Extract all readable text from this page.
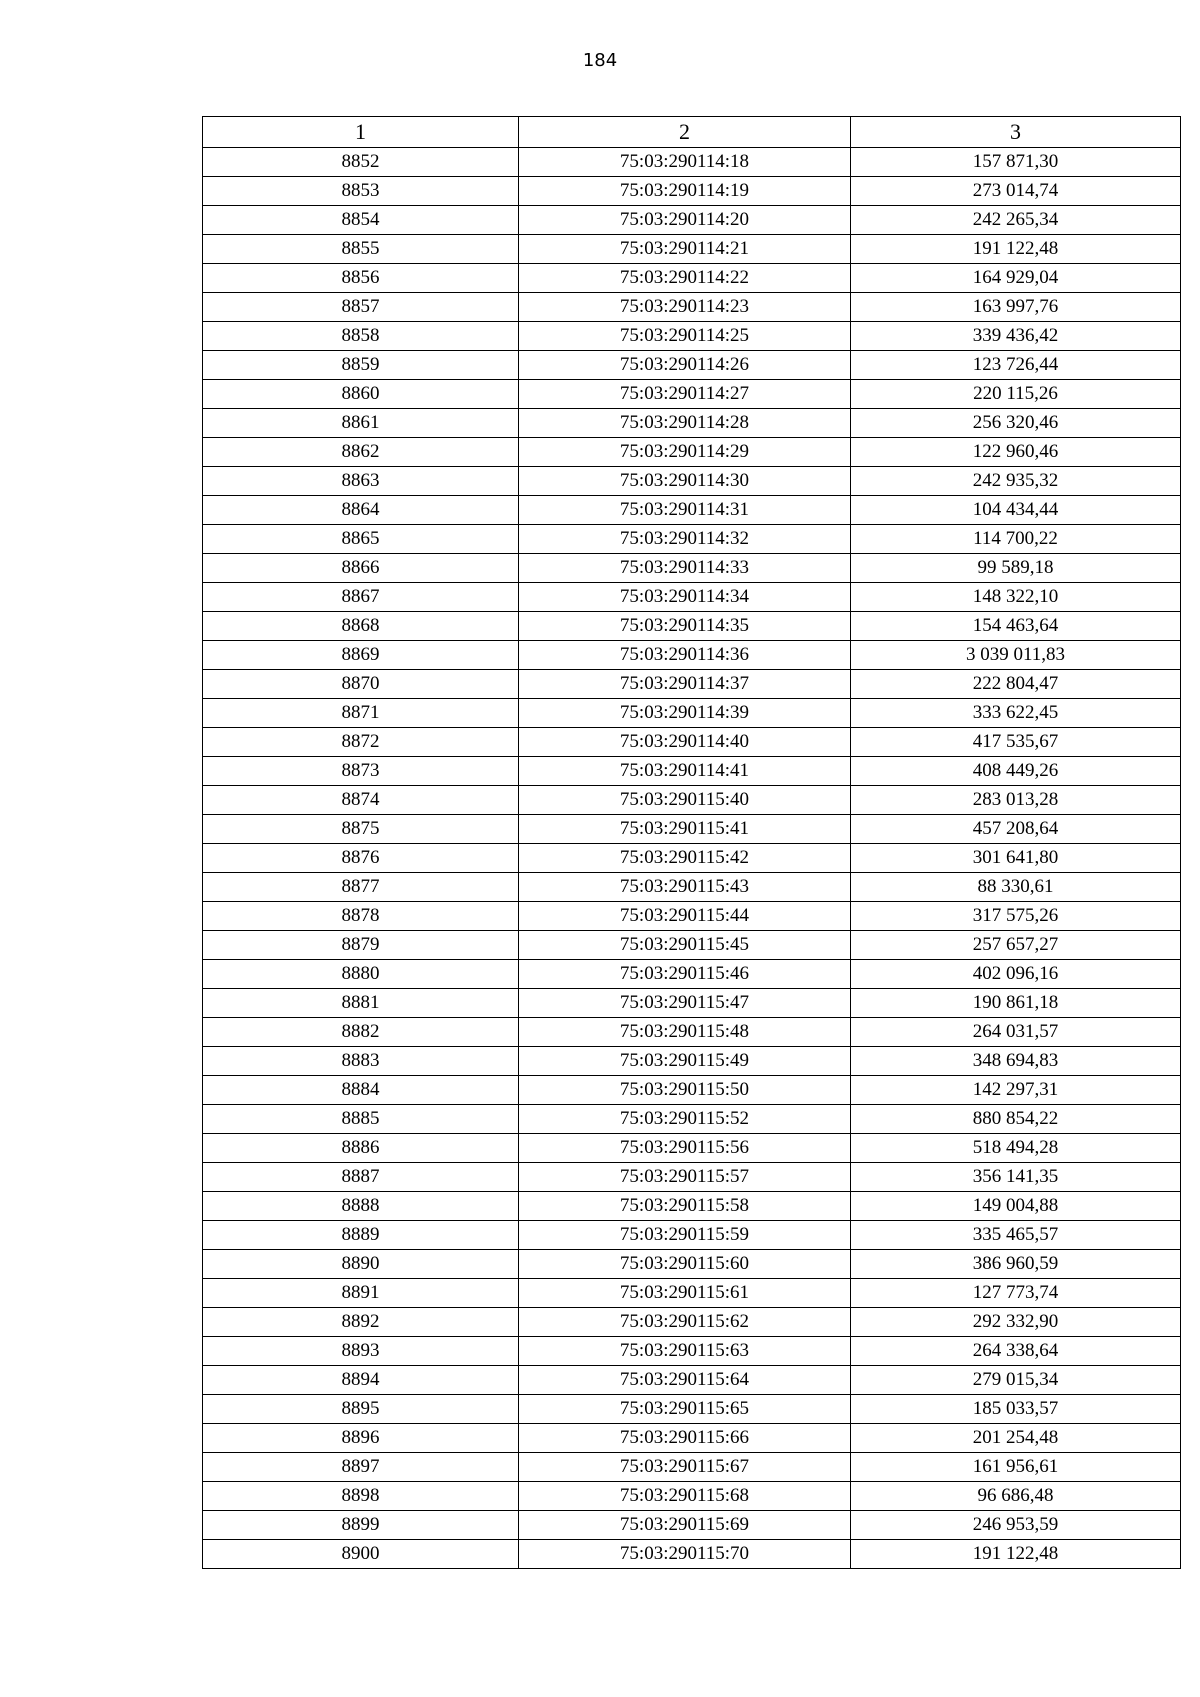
184
1	2	3
8852	75:03:290114:18	157 871,30
8853	75:03:290114:19	273 014,74
8854	75:03:290114:20	242 265,34
8855	75:03:290114:21	191 122,48
8856	75:03:290114:22	164 929,04
8857	75:03:290114:23	163 997,76
8858	75:03:290114:25	339 436,42
8859	75:03:290114:26	123 726,44
8860	75:03:290114:27	220 115,26
8861	75:03:290114:28	256 320,46
8862	75:03:290114:29	122 960,46
8863	75:03:290114:30	242 935,32
8864	75:03:290114:31	104 434,44
8865	75:03:290114:32	114 700,22
8866	75:03:290114:33	99 589,18
8867	75:03:290114:34	148 322,10
8868	75:03:290114:35	154 463,64
8869	75:03:290114:36	3 039 011,83
8870	75:03:290114:37	222 804,47
8871	75:03:290114:39	333 622,45
8872	75:03:290114:40	417 535,67
8873	75:03:290114:41	408 449,26
8874	75:03:290115:40	283 013,28
8875	75:03:290115:41	457 208,64
8876	75:03:290115:42	301 641,80
8877	75:03:290115:43	88 330,61
8878	75:03:290115:44	317 575,26
8879	75:03:290115:45	257 657,27
8880	75:03:290115:46	402 096,16
8881	75:03:290115:47	190 861,18
8882	75:03:290115:48	264 031,57
8883	75:03:290115:49	348 694,83
8884	75:03:290115:50	142 297,31
8885	75:03:290115:52	880 854,22
8886	75:03:290115:56	518 494,28
8887	75:03:290115:57	356 141,35
8888	75:03:290115:58	149 004,88
8889	75:03:290115:59	335 465,57
8890	75:03:290115:60	386 960,59
8891	75:03:290115:61	127 773,74
8892	75:03:290115:62	292 332,90
8893	75:03:290115:63	264 338,64
8894	75:03:290115:64	279 015,34
8895	75:03:290115:65	185 033,57
8896	75:03:290115:66	201 254,48
8897	75:03:290115:67	161 956,61
8898	75:03:290115:68	96 686,48
8899	75:03:290115:69	246 953,59
8900	75:03:290115:70	191 122,48
